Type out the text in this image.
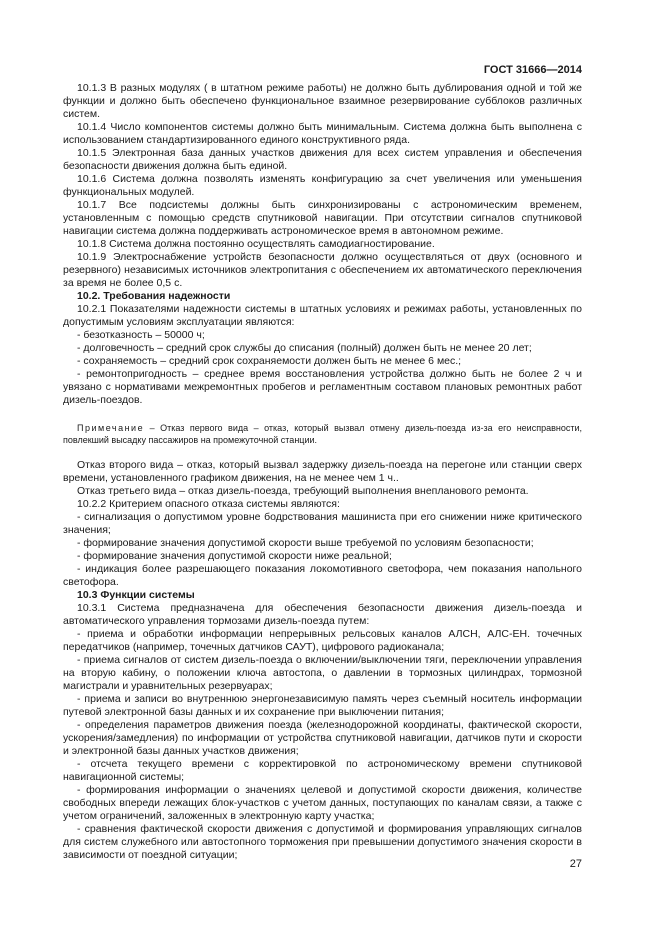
ГОСТ 31666—2014

10.1.3 В разных модулях ( в штатном режиме работы) не должно быть дублирования одной и той же функции и должно быть обеспечено функциональное взаимное резервирование субблоков различных систем.

10.1.4 Число компонентов системы должно быть минимальным. Система должна быть выполнена с использованием стандартизированного единого конструктивного ряда.

10.1.5 Электронная база данных участков движения для всех систем управления и обеспечения безопасности движения должна быть единой.

10.1.6 Система должна позволять изменять конфигурацию за счет увеличения или уменьшения функциональных модулей.

10.1.7 Все подсистемы должны быть синхронизированы с астрономическим временем, установленным с помощью средств спутниковой навигации. При отсутствии сигналов спутниковой навигации система должна поддерживать астрономическое время в автономном режиме.

10.1.8 Система должна постоянно осуществлять самодиагностирование.

10.1.9 Электроснабжение устройств безопасности должно осуществляться от двух (основного и резервного) независимых источников электропитания с обеспечением их автоматического переключения за время не более 0,5 с.

10.2. Требования надежности

10.2.1 Показателями надежности системы в штатных условиях и режимах работы, установленных по допустимым условиям эксплуатации являются:

- безотказность – 50000 ч;

- долговечность – средний срок службы до списания (полный) должен быть не менее 20 лет;

- сохраняемость – средний срок сохраняемости должен быть не менее 6 мес.;

- ремонтопригодность – среднее время восстановления устройства должно быть не более 2 ч и увязано с нормативами межремонтных пробегов и регламентным составом плановых ремонтных работ дизель-поездов.

Примечание – Отказ первого вида – отказ, который вызвал отмену дизель-поезда из-за его неисправности, повлекший высадку пассажиров на промежуточной станции.

Отказ второго вида – отказ, который вызвал задержку дизель-поезда на перегоне или станции сверх времени, установленного графиком движения, на не менее чем 1 ч..

Отказ третьего вида – отказ дизель-поезда, требующий выполнения внепланового ремонта.

10.2.2 Критерием опасного отказа системы являются:

- сигнализация о допустимом уровне бодрствования машиниста при его снижении ниже критического значения;

- формирование значения допустимой скорости выше требуемой по условиям безопасности;

- формирование значения допустимой скорости ниже реальной;

- индикация более разрешающего показания локомотивного светофора, чем показания напольного светофора.

10.3 Функции системы

10.3.1 Система предназначена для обеспечения безопасности движения дизель-поезда и автоматического управления тормозами дизель-поезда путем:

- приема и обработки информации непрерывных рельсовых каналов АЛСН, АЛС-ЕН. точечных передатчиков (например, точечных датчиков САУТ), цифрового радиоканала;

- приема сигналов от систем дизель-поезда о включении/выключении тяги, переключении управления на вторую кабину, о положении ключа автостопа, о давлении в тормозных цилиндрах, тормозной магистрали и уравнительных резервуарах;

- приема и записи во внутреннюю энергонезависимую память через съемный носитель информации путевой электронной базы данных и их сохранение при выключении питания;

- определения параметров движения поезда (железнодорожной координаты, фактической скорости, ускорения/замедления) по информации от устройства спутниковой навигации, датчиков пути и скорости и электронной базы данных участков движения;

- отсчета текущего времени с корректировкой по астрономическому времени спутниковой навигационной системы;

- формирования информации о значениях целевой и допустимой скорости движения, количестве свободных впереди лежащих блок-участков с учетом данных, поступающих по каналам связи, а также с учетом ограничений, заложенных в электронную карту участка;

- сравнения фактической скорости движения с допустимой и формирования управляющих сигналов для систем служебного или автостопного торможения при превышении допустимого значения скорости в зависимости от поездной ситуации;

27
